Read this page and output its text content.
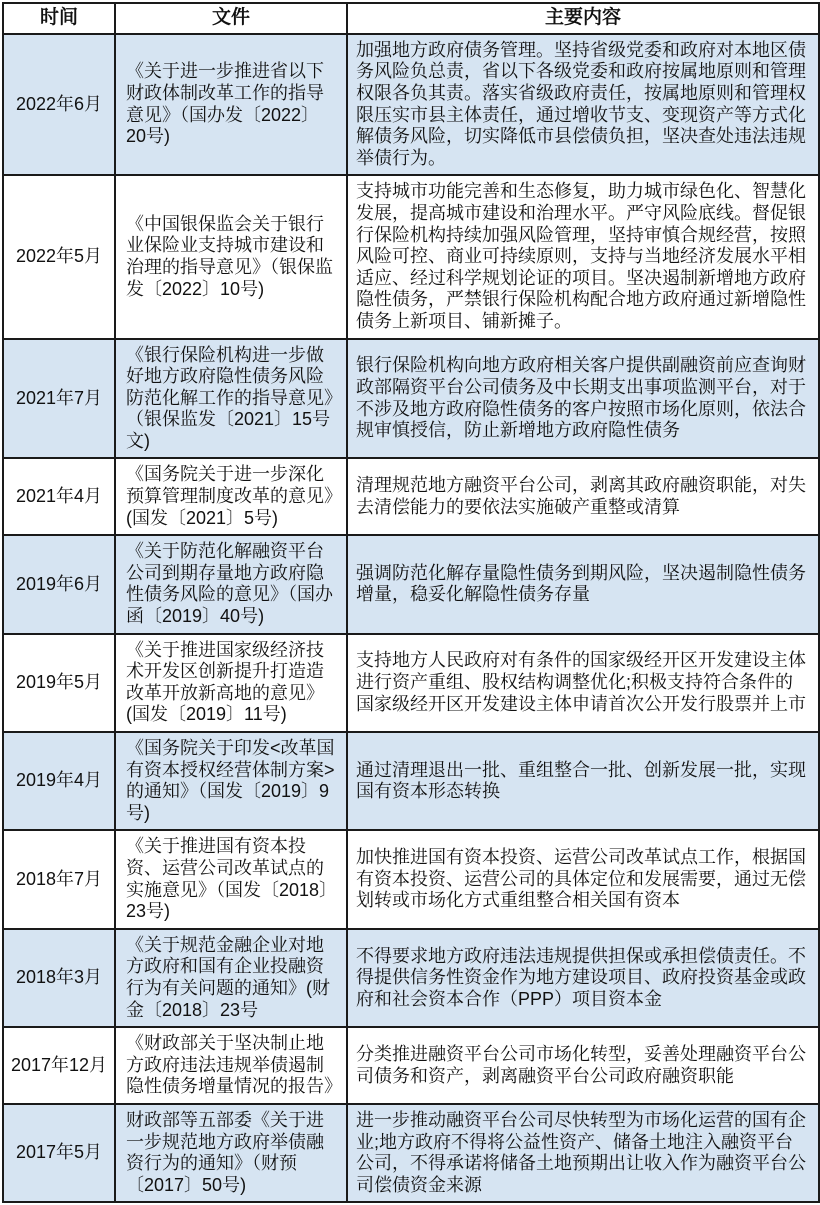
时间	文件	主要内容
2022年6月	《关于进一步推进省以下财政体制改革工作的指导意见》（国办发〔2022〕20号)	加强地方政府债务管理。坚持省级党委和政府对本地区债务风险负总责，省以下各级党委和政府按属地原则和管理权限各负其责。落实省级政府责任，按属地原则和管理权限压实市县主体责任，通过增收节支、变现资产等方式化解债务风险，切实降低市县偿债负担，坚决查处违法违规举债行为。
2022年5月	《中国银保监会关于银行业保险业支持城市建设和治理的指导意见》（银保监发〔2022〕10号)	支持城市功能完善和生态修复，助力城市绿色化、智慧化发展，提高城市建设和治理水平。严守风险底线。督促银行保险机构持续加强风险管理，坚持审慎合规经营，按照风险可控、商业可持续原则，支持与当地经济发展水平相适应、经过科学规划论证的项目。坚决遏制新增地方政府隐性债务，严禁银行保险机构配合地方政府通过新增隐性债务上新项目、铺新摊子。
2021年7月	《银行保险机构进一步做好地方政府隐性债务风险防范化解工作的指导意见》（银保监发〔2021〕15号文)	银行保险机构向地方政府相关客户提供副融资前应查询财政部隔资平台公司债务及中长期支出事项监测平台，对于不涉及地方政府隐性债务的客户按照市场化原则，依法合规审慎授信，防止新增地方政府隐性债务
2021年4月	《国务院关于进一步深化预算管理制度改革的意见》(国发〔2021〕5号)	清理规范地方融资平台公司，剥离其政府融资职能，对失去清偿能力的要依法实施破产重整或清算
2019年6月	《关于防范化解融资平台公司到期存量地方政府隐性债务风险的意见》（国办函〔2019〕40号)	强调防范化解存量隐性债务到期风险，坚决遏制隐性债务增量，稳妥化解隐性债务存量
2019年5月	《关于推进国家级经济技术开发区创新提升打造造改革开放新高地的意见》(国发〔2019〕11号)	支持地方人民政府对有条件的国家级经开区开发建设主体进行资产重组、股权结构调整优化;积极支持符合条件的国家级经开区开发建设主体申请首次公开发行股票并上市
2019年4月	《国务院关于印发<改革国有资本授权经营体制方案>的通知》（国发〔2019〕9号)	通过清理退出一批、重组整合一批、创新发展一批，实现国有资本形态转换
2018年7月	《关于推进国有资本投资、运营公司改革试点的实施意见》（国发〔2018〕23号)	加快推进国有资本投资、运营公司改革试点工作，根据国有资本投资、运营公司的具体定位和发展需要，通过无偿划转或市场化方式重组整合相关国有资本
2018年3月	《关于规范金融企业对地方政府和国有企业投融资行为有关问题的通知》(财金〔2018〕23号	不得要求地方政府违法违规提供担保或承担偿债责任。不得提供信务性资金作为地方建设项目、政府投资基金或政府和社会资本合作（PPP）项目资本金
2017年12月	《财政部关于坚决制止地方政府违法违规举债遏制隐性债务增量情况的报告》	分类推进融资平台公司市场化转型，妥善处理融资平台公司债务和资产，剥离融资平台公司政府融资职能
2017年5月	财政部等五部委《关于进一步规范地方政府举债融资行为的通知》（财预〔2017〕50号)	进一步推动融资平台公司尽快转型为市场化运营的国有企业;地方政府不得将公益性资产、储备土地注入融资平台公司，不得承诺将储备土地预期出让收入作为融资平台公司偿债资金来源
